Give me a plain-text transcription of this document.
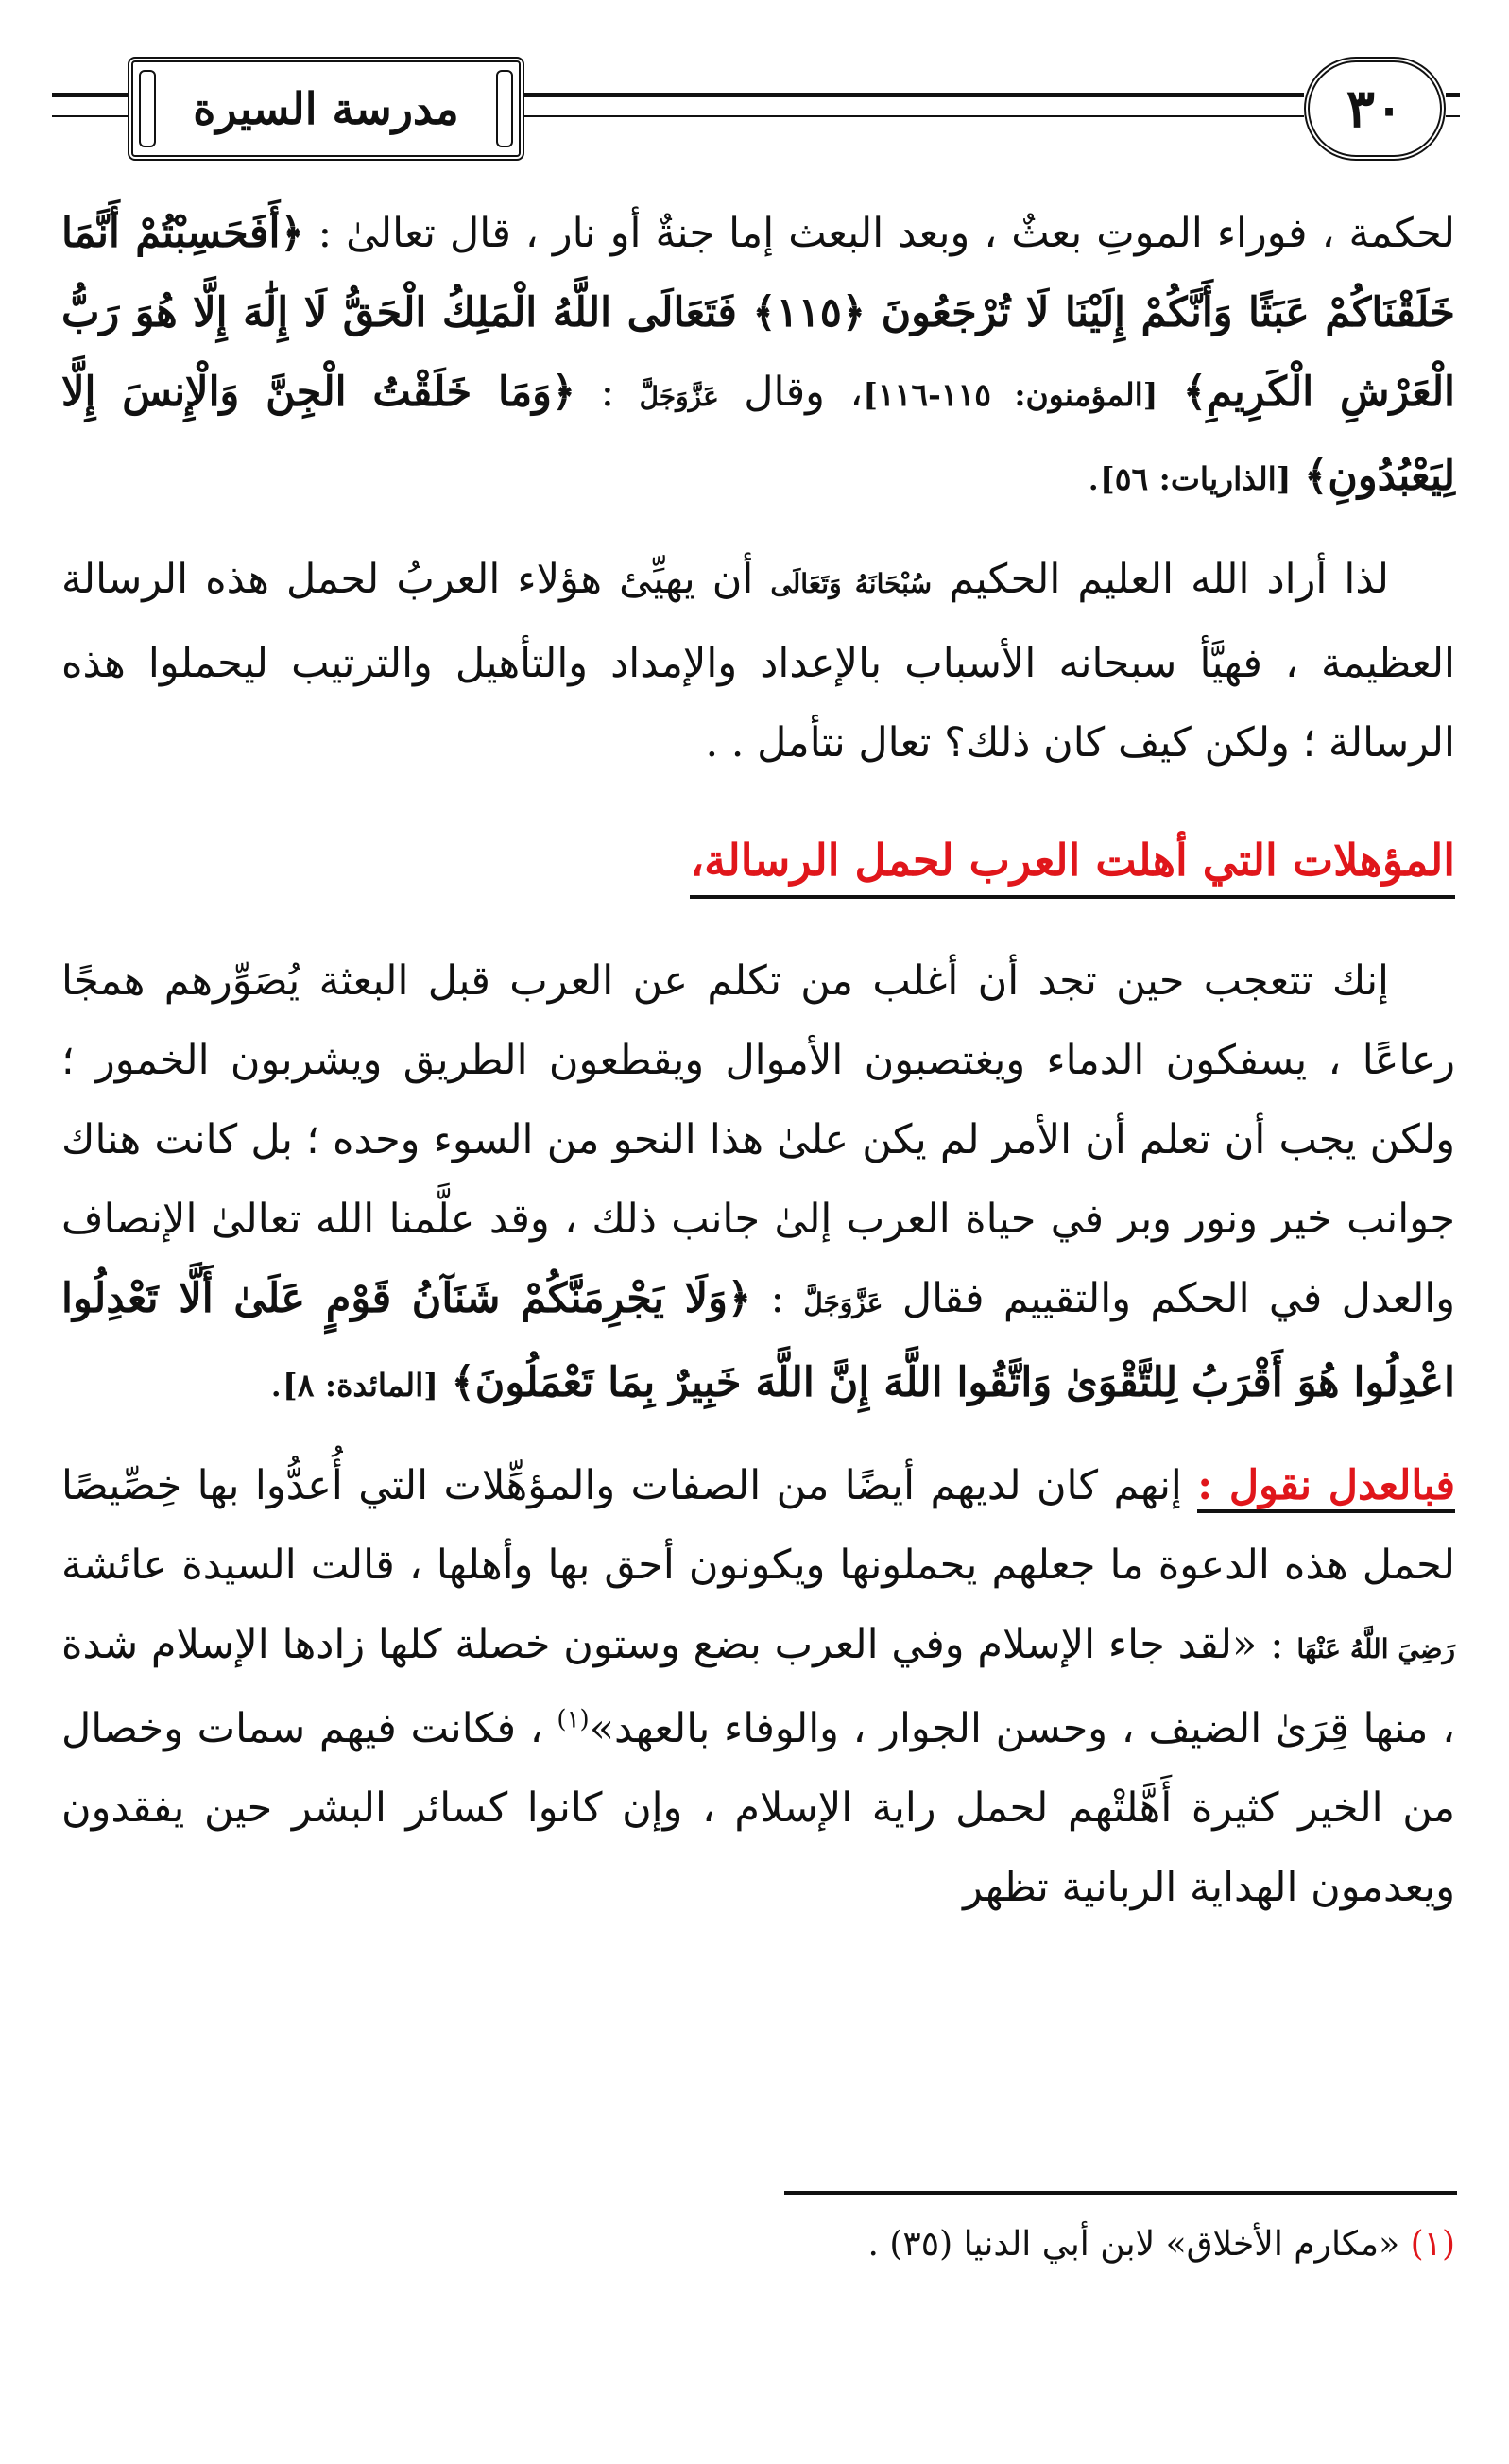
مدرسة السيرة	٣٠

لحكمة ، فوراء الموتِ بعثٌ ، وبعد البعث إما جنةٌ أو نار ، قال تعالىٰ : ﴿أَفَحَسِبْتُمْ أَنَّمَا خَلَقْنَاكُمْ عَبَثًا وَأَنَّكُمْ إِلَيْنَا لَا تُرْجَعُونَ ﴿١١٥﴾ فَتَعَالَى اللَّهُ الْمَلِكُ الْحَقُّ لَا إِلَٰهَ إِلَّا هُوَ رَبُّ الْعَرْشِ الْكَرِيمِ﴾ [المؤمنون: ١١٥-١١٦]، وقال عَزَّوَجَلَّ : ﴿وَمَا خَلَقْتُ الْجِنَّ وَالْإِنسَ إِلَّا لِيَعْبُدُونِ﴾ [الذاريات: ٥٦].

لذا أراد الله العليم الحكيم سُبْحَانَهُ وَتَعَالَى أن يهيِّئ هؤلاء العربُ لحمل هذه الرسالة العظيمة ، فهيَّأ سبحانه الأسباب بالإعداد والإمداد والتأهيل والترتيب ليحملوا هذه الرسالة ؛ ولكن كيف كان ذلك؟ تعال نتأمل . .

المؤهلات التي أهلت العرب لحمل الرسالة،

إنك تتعجب حين تجد أن أغلب من تكلم عن العرب قبل البعثة يُصَوِّرهم همجًا رعاعًا ، يسفكون الدماء ويغتصبون الأموال ويقطعون الطريق ويشربون الخمور ؛ ولكن يجب أن تعلم أن الأمر لم يكن علىٰ هذا النحو من السوء وحده ؛ بل كانت هناك جوانب خير ونور وبر في حياة العرب إلىٰ جانب ذلك ، وقد علَّمنا الله تعالىٰ الإنصاف والعدل في الحكم والتقييم فقال عَزَّوَجَلَّ : ﴿وَلَا يَجْرِمَنَّكُمْ شَنَآنُ قَوْمٍ عَلَىٰ أَلَّا تَعْدِلُوا اعْدِلُوا هُوَ أَقْرَبُ لِلتَّقْوَىٰ وَاتَّقُوا اللَّهَ إِنَّ اللَّهَ خَبِيرٌ بِمَا تَعْمَلُونَ﴾ [المائدة: ٨].

فبالعدل نقول : إنهم كان لديهم أيضًا من الصفات والمؤهِّلات التي أُعدُّوا بها خِصِّيصًا لحمل هذه الدعوة ما جعلهم يحملونها ويكونون أحق بها وأهلها ، قالت السيدة عائشة رَضِيَ اللَّهُ عَنْهَا : «لقد جاء الإسلام وفي العرب بضع وستون خصلة كلها زادها الإسلام شدة ، منها قِرَىٰ الضيف ، وحسن الجوار ، والوفاء بالعهد»$^{(١)}$ ، فكانت فيهم سمات وخصال من الخير كثيرة أَهَّلتْهم لحمل راية الإسلام ، وإن كانوا كسائر البشر حين يفقدون ويعدمون الهداية الربانية تظهر

(١) «مكارم الأخلاق» لابن أبي الدنيا (٣٥) .
